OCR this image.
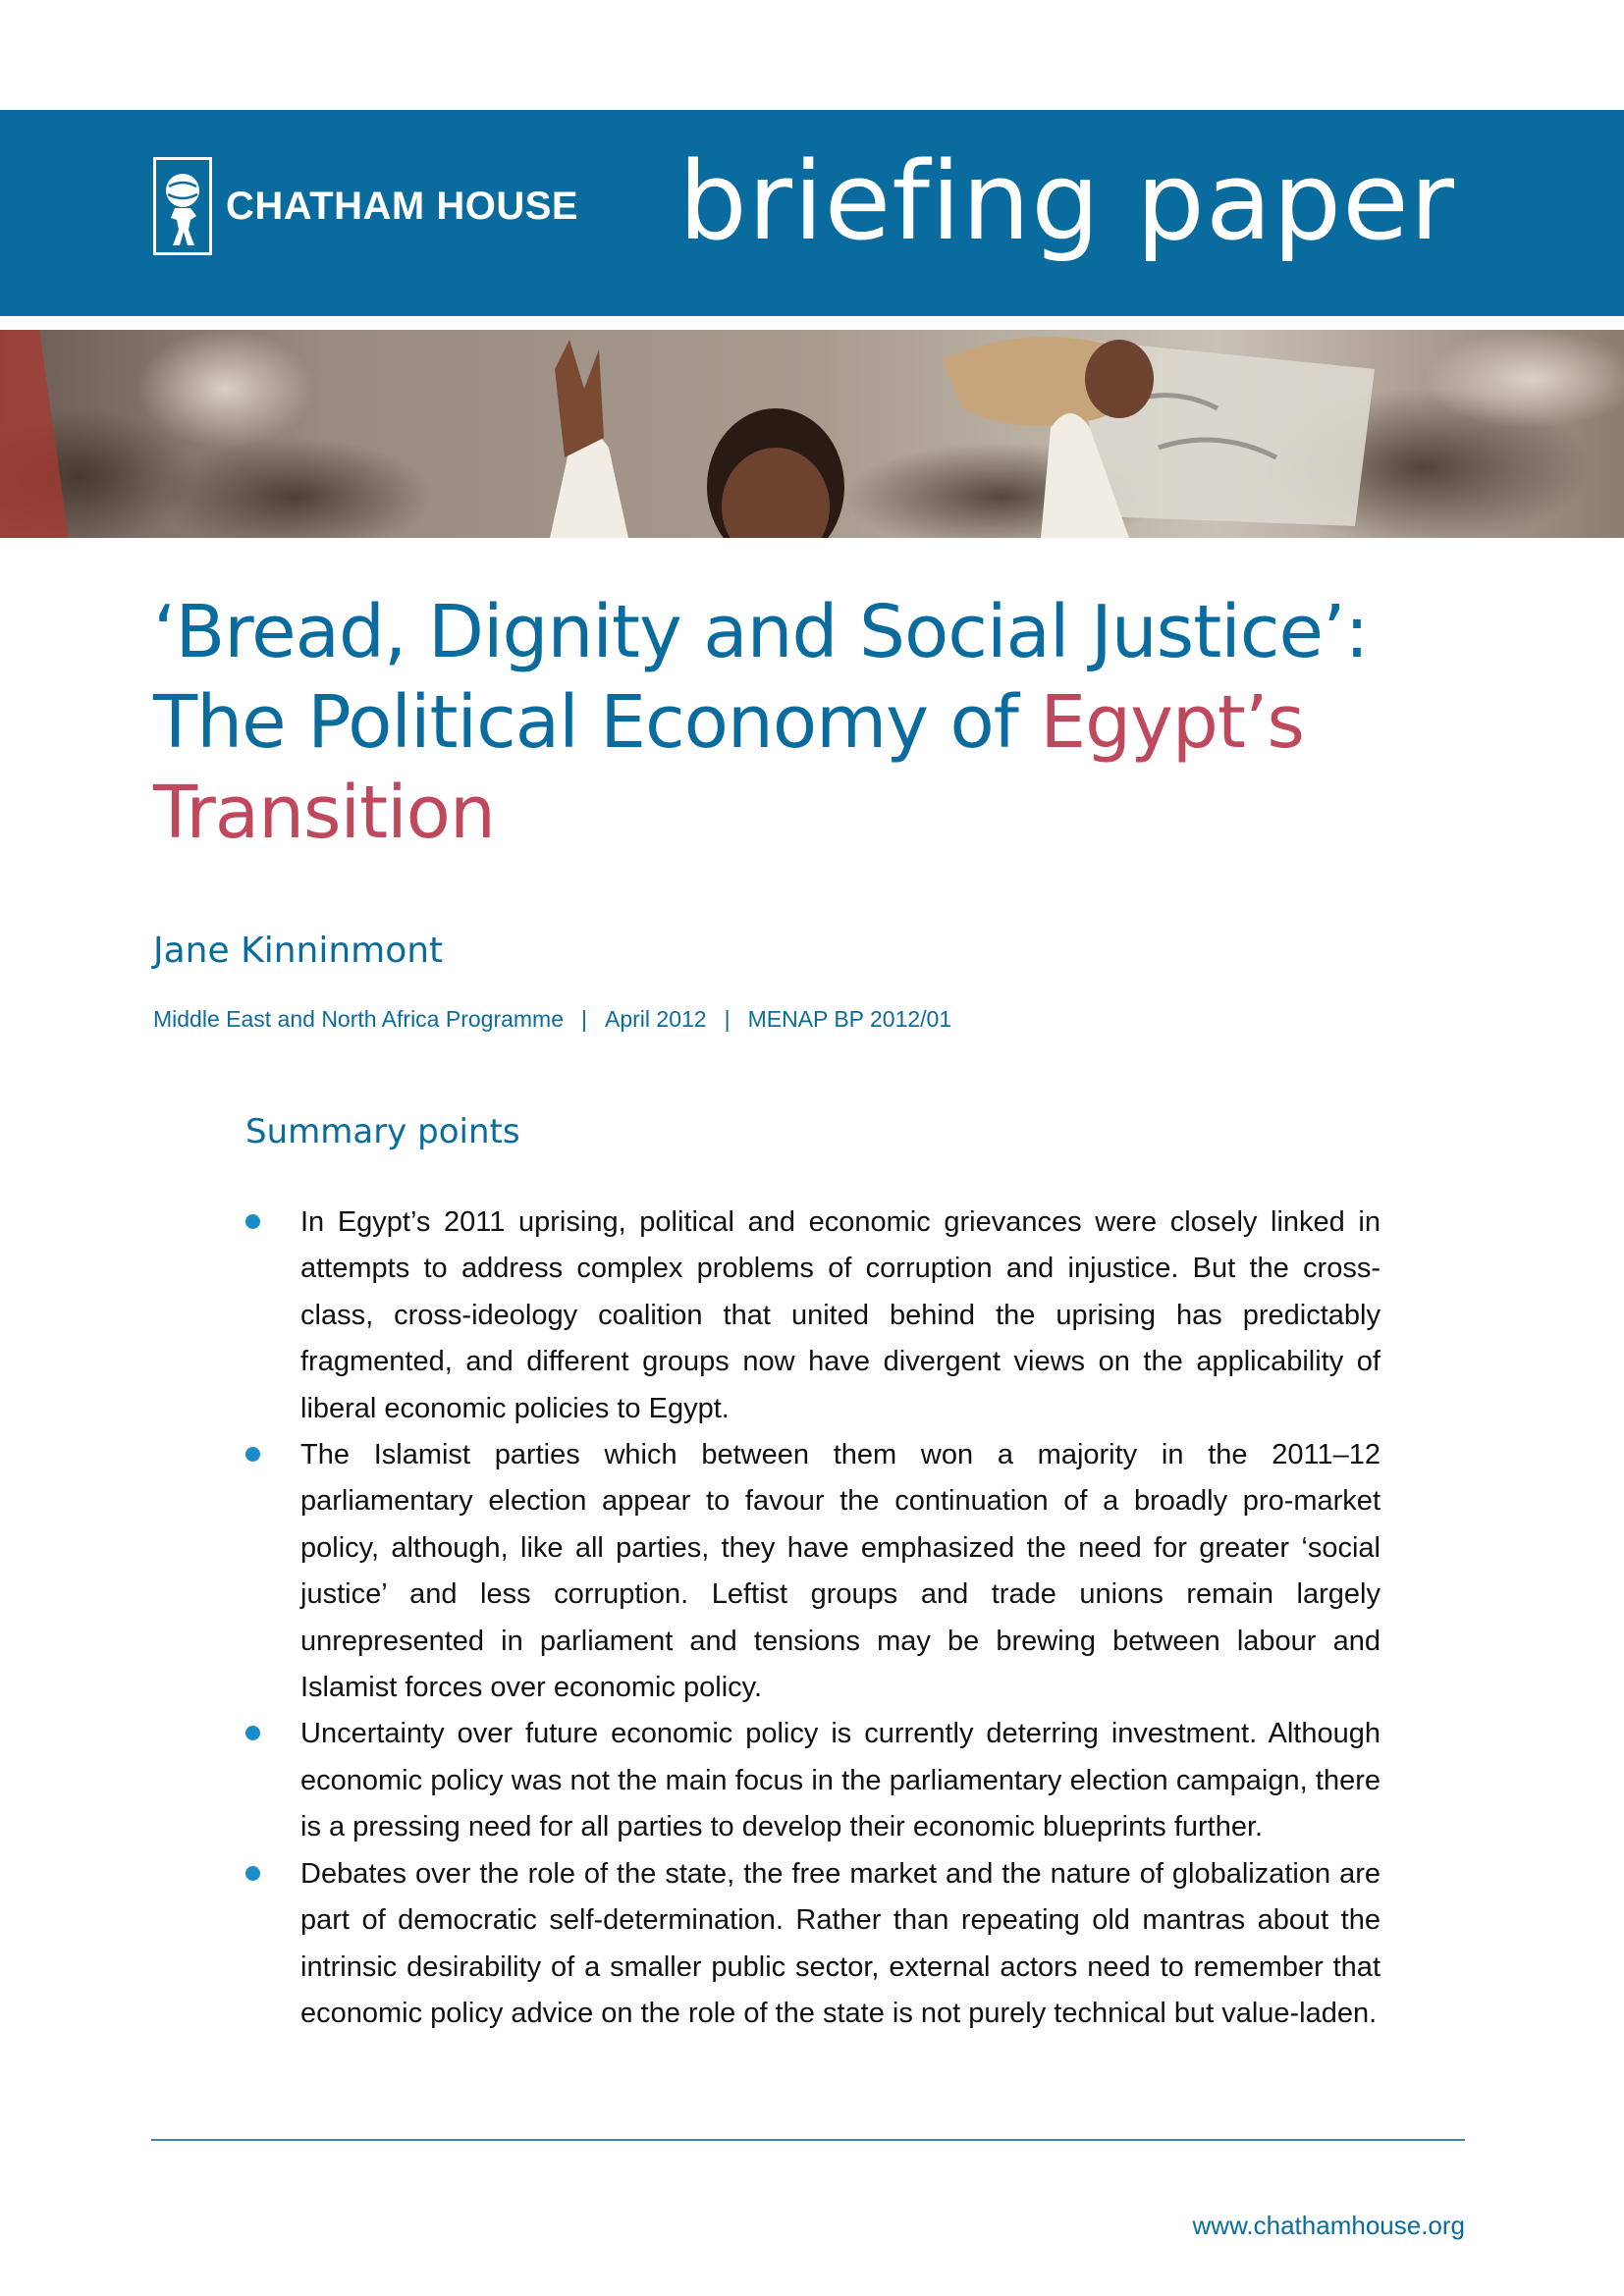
CHATHAM HOUSE briefing paper
‘Bread, Dignity and Social Justice’:
The Political Economy of Egypt’s
Transition
Jane Kinninmont
Middle East and North Africa Programme | April 2012 | MENAP BP 2012/01
Summary points
In Egypt’s 2011 uprising, political and economic grievances were closely linked in attempts to address complex problems of corruption and injustice. But the cross-class, cross-ideology coalition that united behind the uprising has predictably fragmented, and different groups now have divergent views on the applicability of liberal economic policies to Egypt.
The Islamist parties which between them won a majority in the 2011–12 parliamentary election appear to favour the continuation of a broadly pro-market policy, although, like all parties, they have emphasized the need for greater ‘social justice’ and less corruption. Leftist groups and trade unions remain largely unrepresented in parliament and tensions may be brewing between labour and Islamist forces over economic policy.
Uncertainty over future economic policy is currently deterring investment. Although economic policy was not the main focus in the parliamentary election campaign, there is a pressing need for all parties to develop their economic blueprints further.
Debates over the role of the state, the free market and the nature of globalization are part of democratic self-determination. Rather than repeating old mantras about the intrinsic desirability of a smaller public sector, external actors need to remember that economic policy advice on the role of the state is not purely technical but value-laden.
www.chathamhouse.org
